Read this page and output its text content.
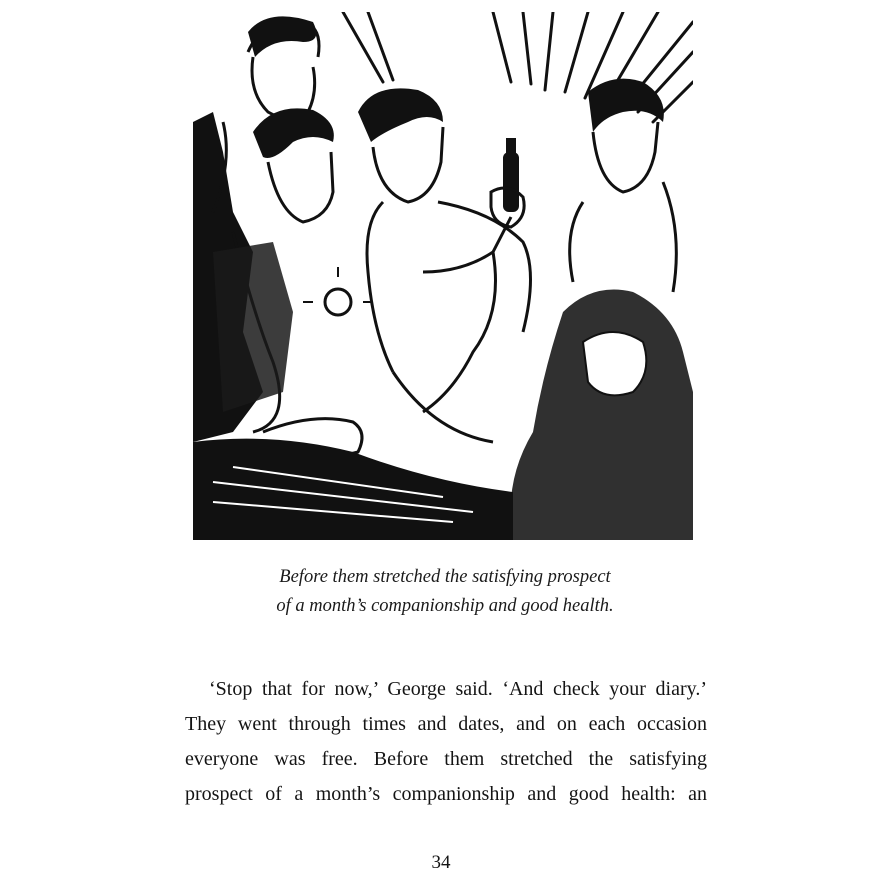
Before them stretched the satisfying prospect
of a month’s companionship and good health.
‘Stop that for now,’ George said. ‘And check your diary.’
They went through times and dates, and on each occasion
everyone was free. Before them stretched the satisfying
prospect of a month’s companionship and good health: an
34
